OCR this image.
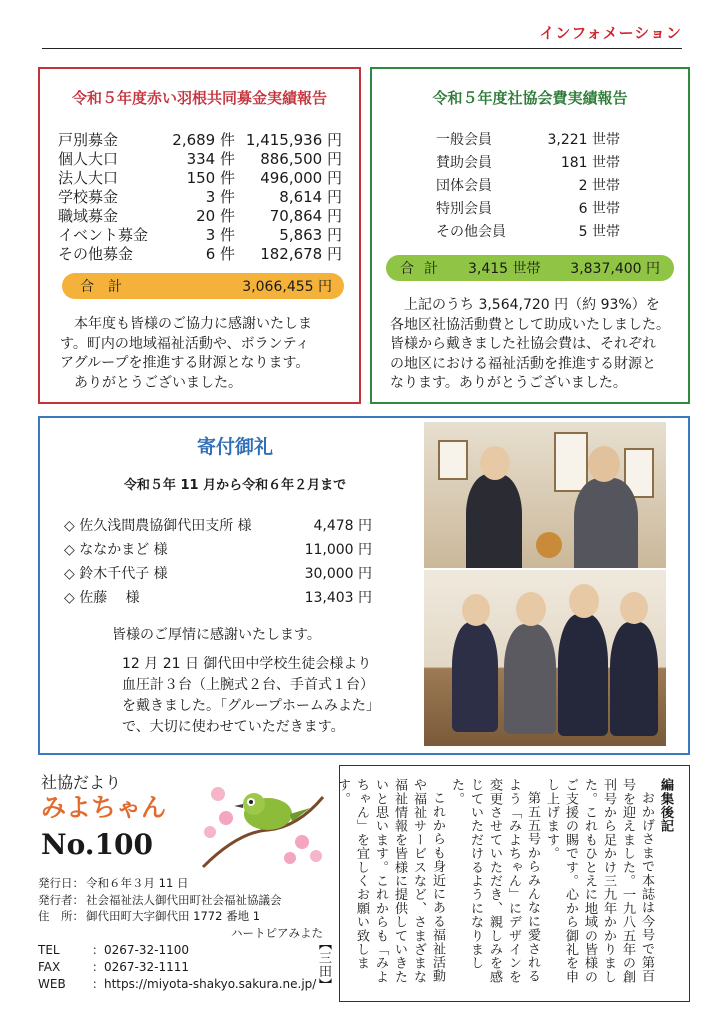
インフォメーション
令和５年度赤い羽根共同募金実績報告
戸別募金	2,689 件 1,415,936 円
個人大口	334 件	886,500 円
法人大口	150 件	496,000 円
学校募金	3 件	8,614 円
職域募金	20 件	70,864 円
イベント募金	3 件	5,863 円
その他募金	6 件	182,678 円
合計	3,066,455 円
本年度も皆様のご協力に感謝いたしま
す。町内の地域福祉活動や、ボランティ
アグループを推進する財源となります。
ありがとうございました。
令和５年度社協会費実績報告
一般会員	3,221 世帯
賛助会員	181 世帯
団体会員	2 世帯
特別会員	6 世帯
その他会員	5 世帯
合計 3,415 世帯 3,837,400 円
上記のうち 3,564,720 円（約 93%）を
各地区社協活動費として助成いたしました。
皆様から戴きました社協会費は、それぞれ
の地区における福祉活動を推進する財源と
なります。ありがとうございました。
寄付御礼
令和５年 11 月から令和６年２月まで
◇ 佐久浅間農協御代田支所 様	4,478 円
◇ ななかまど 様	11,000 円
◇ 鈴木千代子 様	30,000 円
◇ 佐藤　 様	13,403 円
皆様のご厚情に感謝いたします。
12 月 21 日 御代田中学校生徒会様より
血圧計３台（上腕式２台、手首式１台）
を戴きました。「グループホームみよた」
で、大切に使わせていただきます。
社協だより
みよちゃん
No.100
発行日： 令和６年３月 11 日
発行者： 社会福祉法人御代田町社会福祉協議会
住　所： 御代田町大字御代田 1772 番地 1
ハートピアみよた
TEL	：0267-32-1100
FAX	：0267-32-1111
WEB	：https://miyota-shakyo.sakura.ne.jp/
編集後記
おかげさまで本誌は今号で第百号を迎えました。一九八五年の創刊号から足かけ三九年かかりました。これもひとえに地域の皆様のご支援の賜です。心から御礼を申し上げます。
第五五号からみんなに愛されるよう「みよちゃん」にデザインを変更させていただき、親しみを感じていただけるようになりました。
これからも身近にある福祉活動や福祉サービスなど、さまざまな福祉情報を皆様に提供していきたいと思います。これからも「みよちゃん」を宜しくお願い致します。
【三田】
